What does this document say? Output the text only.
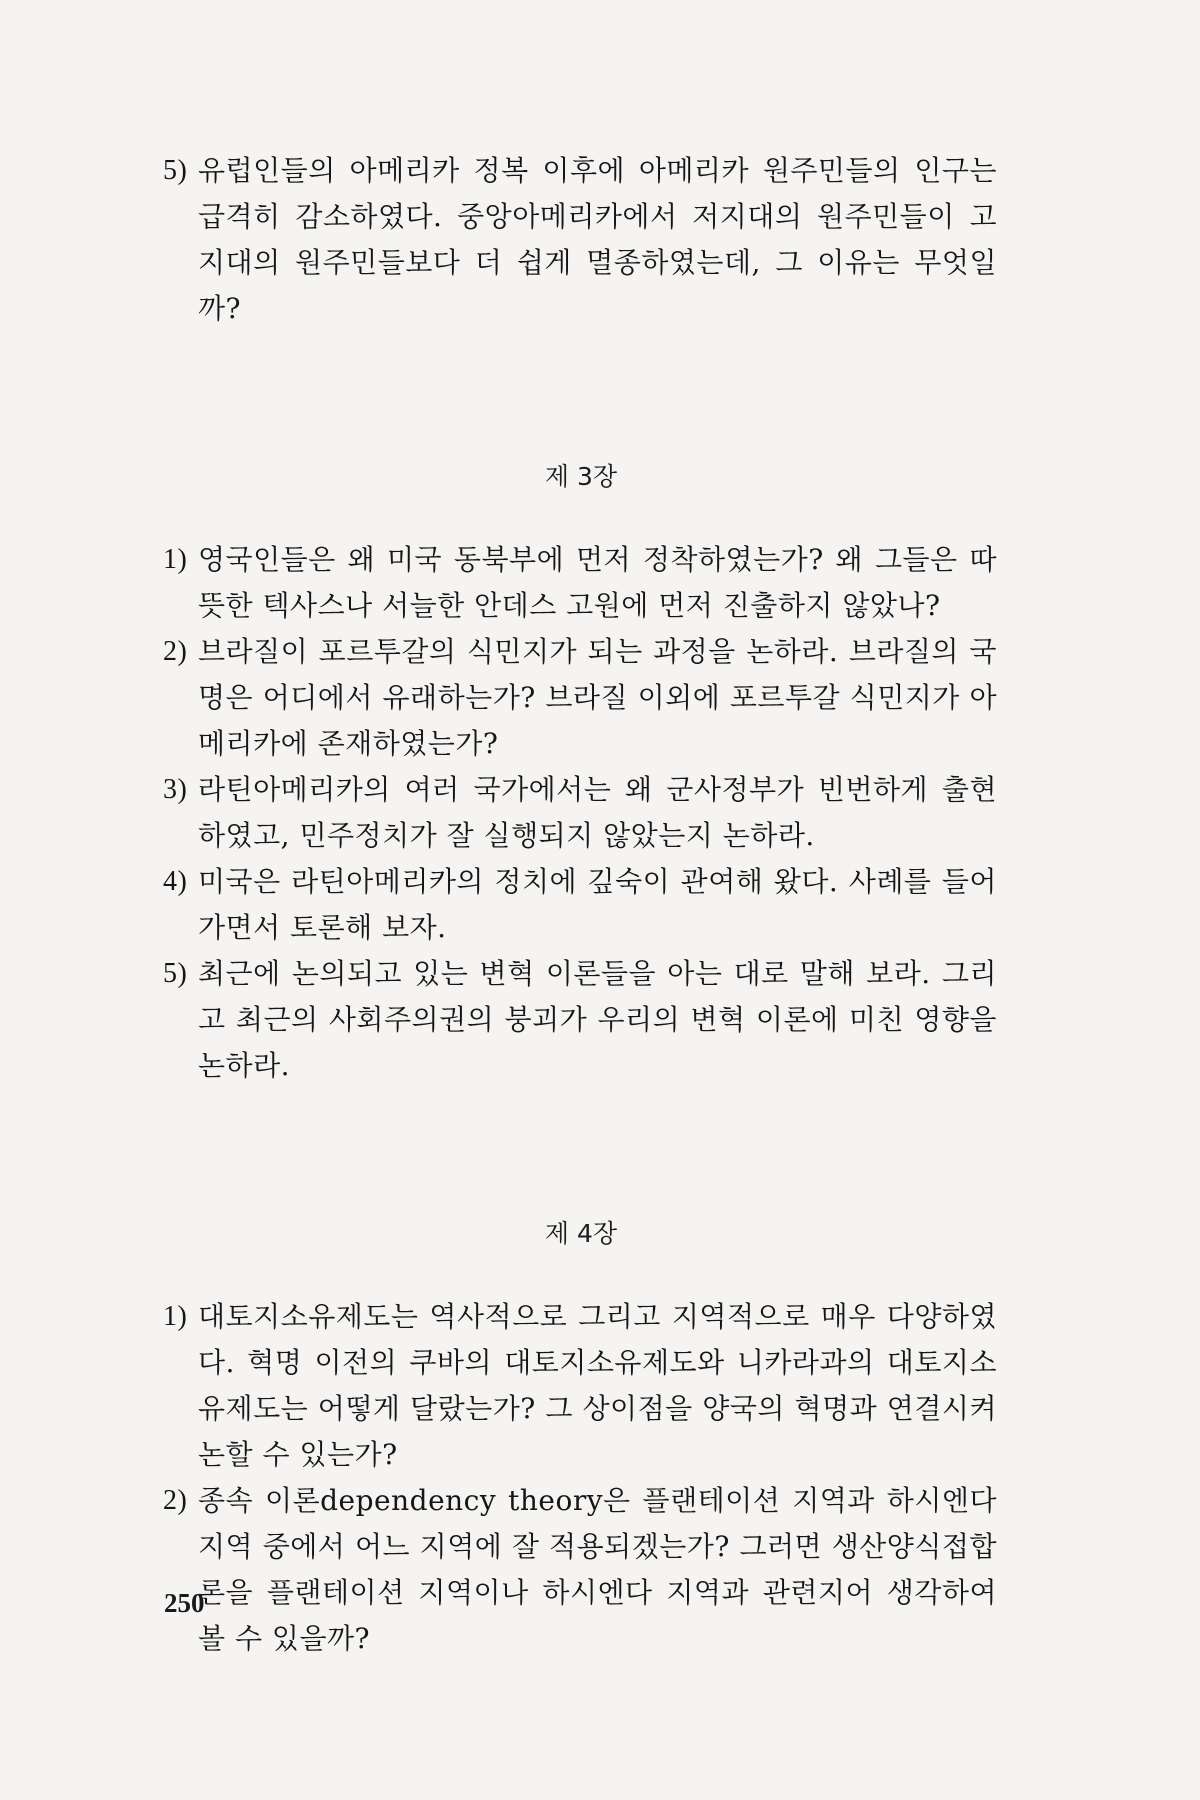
5) 유럽인들의 아메리카 정복 이후에 아메리카 원주민들의 인구는 급격히 감소하였다. 중앙아메리카에서 저지대의 원주민들이 고지대의 원주민들보다 더 쉽게 멸종하였는데, 그 이유는 무엇일까?
제 3장
1) 영국인들은 왜 미국 동북부에 먼저 정착하였는가? 왜 그들은 따뜻한 텍사스나 서늘한 안데스 고원에 먼저 진출하지 않았나?
2) 브라질이 포르투갈의 식민지가 되는 과정을 논하라. 브라질의 국명은 어디에서 유래하는가? 브라질 이외에 포르투갈 식민지가 아메리카에 존재하였는가?
3) 라틴아메리카의 여러 국가에서는 왜 군사정부가 빈번하게 출현하였고, 민주정치가 잘 실행되지 않았는지 논하라.
4) 미국은 라틴아메리카의 정치에 깊숙이 관여해 왔다. 사례를 들어가면서 토론해 보자.
5) 최근에 논의되고 있는 변혁 이론들을 아는 대로 말해 보라. 그리고 최근의 사회주의권의 붕괴가 우리의 변혁 이론에 미친 영향을 논하라.
제 4장
1) 대토지소유제도는 역사적으로 그리고 지역적으로 매우 다양하였다. 혁명 이전의 쿠바의 대토지소유제도와 니카라과의 대토지소유제도는 어떻게 달랐는가? 그 상이점을 양국의 혁명과 연결시켜 논할 수 있는가?
2) 종속 이론dependency theory은 플랜테이션 지역과 하시엔다 지역 중에서 어느 지역에 잘 적용되겠는가? 그러면 생산양식접합론을 플랜테이션 지역이나 하시엔다 지역과 관련지어 생각하여 볼 수 있을까?
250
